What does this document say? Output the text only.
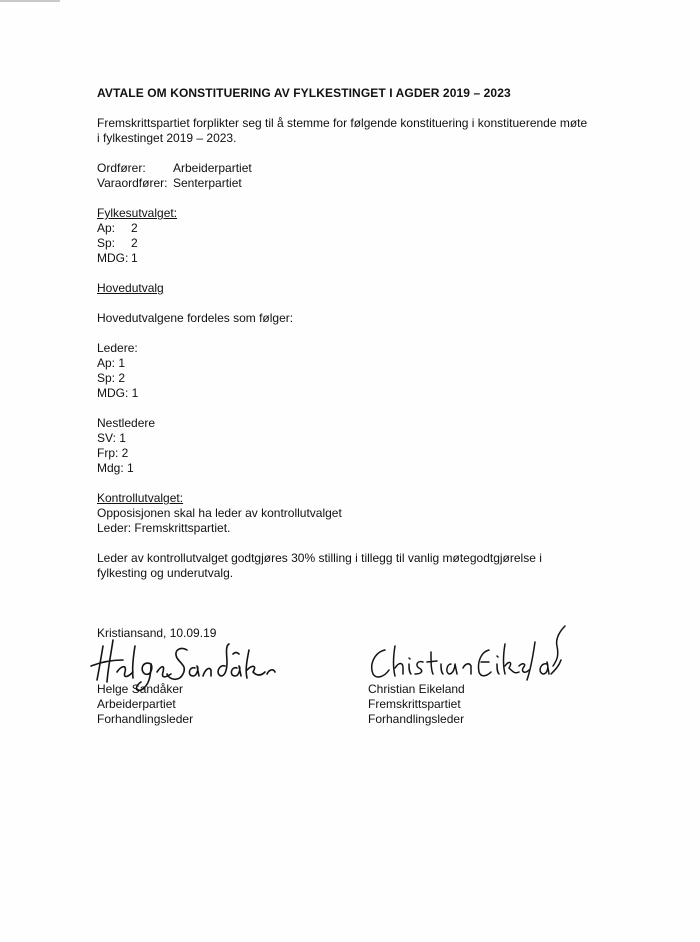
AVTALE OM KONSTITUERING AV FYLKESTINGET I AGDER 2019 – 2023

Fremskrittspartiet forplikter seg til å stemme for følgende konstituering i konstituerende møte

i fylkestinget 2019 – 2023.

Ordfører:	Arbeiderpartiet
Varaordfører: Senterpartiet

Fylkesutvalget:

Ap:	2
Sp:	2
MDG: 1

Hovedutvalg

Hovedutvalgene fordeles som følger:

Ledere:

Ap: 1

Sp: 2

MDG: 1

Nestledere

SV: 1

Frp: 2

Mdg: 1

Kontrollutvalget:

Opposisjonen skal ha leder av kontrollutvalget

Leder: Fremskrittspartiet.

Leder av kontrollutvalget godtgjøres 30% stilling i tillegg til vanlig møtegodtgjørelse i

fylkesting og underutvalg.

Kristiansand, 10.09.19

Helge Sandåker

Arbeiderpartiet

Forhandlingsleder

Christian Eikeland

Fremskrittspartiet

Forhandlingsleder
